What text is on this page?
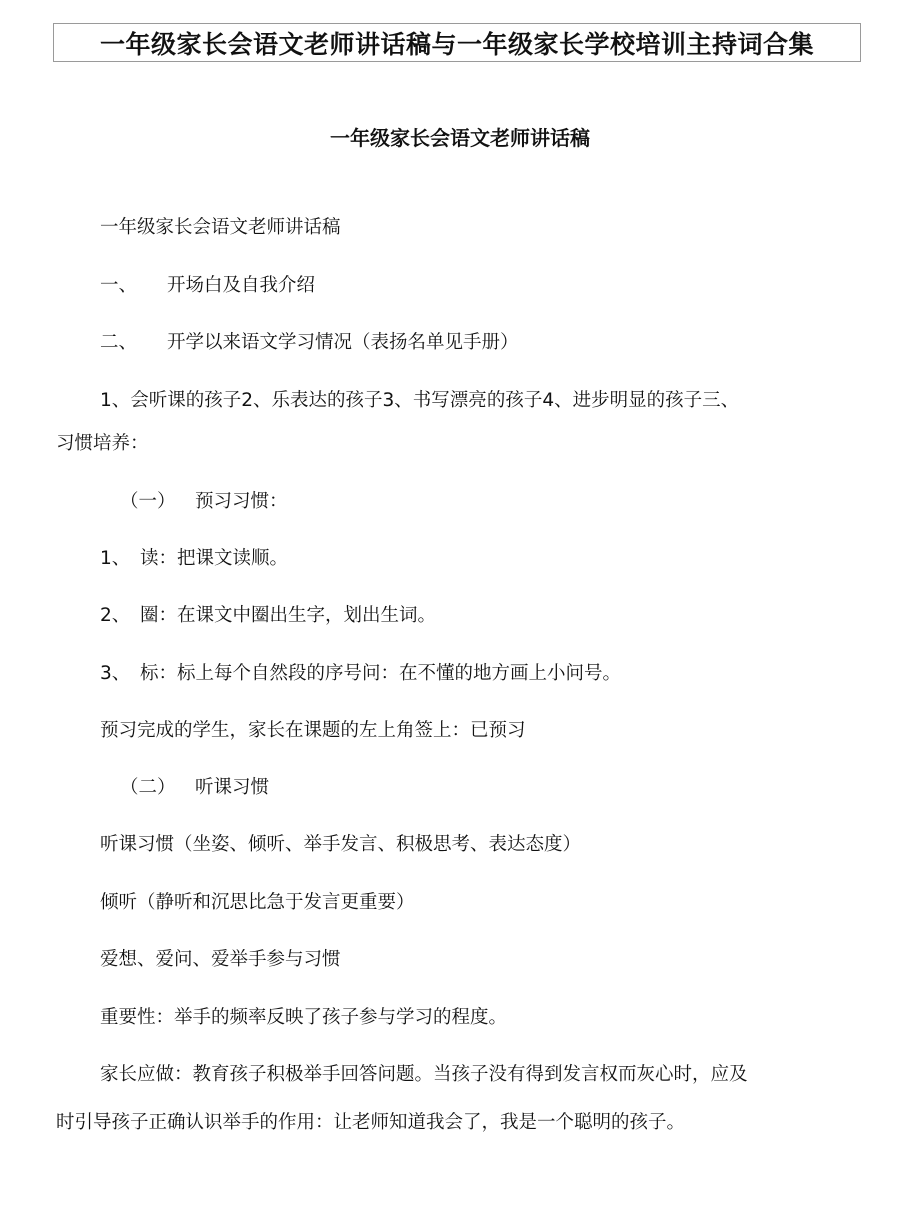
一年级家长会语文老师讲话稿与一年级家长学校培训主持词合集
一年级家长会语文老师讲话稿
一年级家长会语文老师讲话稿
一、 开场白及自我介绍
二、 开学以来语文学习情况（表扬名单见手册）
1、会听课的孩子2、乐表达的孩子3、书写漂亮的孩子4、进步明显的孩子三、
习惯培养：
（一） 预习习惯：
1、 读：把课文读顺。
2、 圈：在课文中圈出生字，划出生词。
3、 标：标上每个自然段的序号问：在不懂的地方画上小问号。
预习完成的学生，家长在课题的左上角签上：已预习
（二） 听课习惯
听课习惯（坐姿、倾听、举手发言、积极思考、表达态度）
倾听（静听和沉思比急于发言更重要）
爱想、爱问、爱举手参与习惯
重要性：举手的频率反映了孩子参与学习的程度。
家长应做：教育孩子积极举手回答问题。当孩子没有得到发言权而灰心时，应及
时引导孩子正确认识举手的作用：让老师知道我会了，我是一个聪明的孩子。
